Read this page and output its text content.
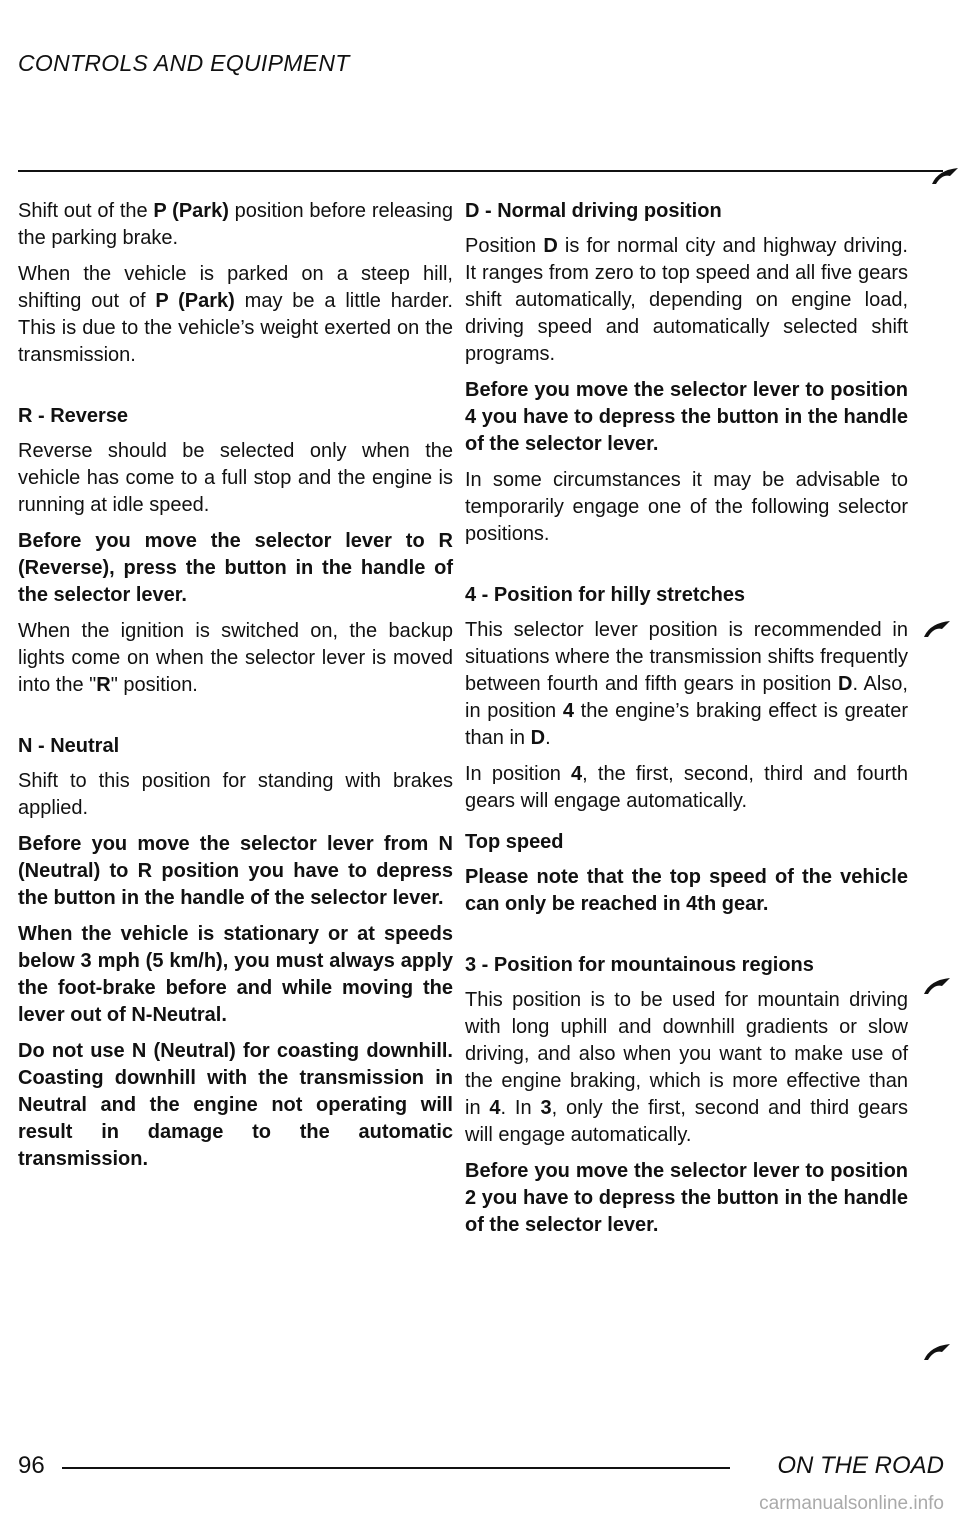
CONTROLS AND EQUIPMENT

Shift out of the P (Park) position before releasing the parking brake.

When the vehicle is parked on a steep hill, shifting out of P (Park) may be a little harder. This is due to the vehicle’s weight exerted on the transmission.

R - Reverse

Reverse should be selected only when the vehicle has come to a full stop and the engine is running at idle speed.

Before you move the selector lever to R (Reverse), press the button in the handle of the selector lever.

When the ignition is switched on, the backup lights come on when the selector lever is moved into the "R" position.

N - Neutral

Shift to this position for standing with brakes applied.

Before you move the selector lever from N (Neutral) to R position you have to depress the button in the handle of the selector lever.

When the vehicle is stationary or at speeds below 3 mph (5 km/h), you must always apply the foot-brake before and while moving the lever out of N-Neutral.

Do not use N (Neutral) for coasting downhill. Coasting downhill with the transmission in Neutral and the engine not operating will result in damage to the automatic transmission.

D - Normal driving position

Position D is for normal city and highway driving. It ranges from zero to top speed and all five gears shift automatically, depending on engine load, driving speed and automatically selected shift programs.

Before you move the selector lever to position 4 you have to depress the button in the handle of the selector lever.

In some circumstances it may be advisable to temporarily engage one of the following selector positions.

4 - Position for hilly stretches

This selector lever position is recommended in situations where the transmission shifts frequently between fourth and fifth gears in position D. Also, in position 4 the engine’s braking effect is greater than in D.

In position 4, the first, second, third and fourth gears will engage automatically.

Top speed

Please note that the top speed of the vehicle can only be reached in 4th gear.

3 - Position for mountainous regions

This position is to be used for mountain driving with long uphill and downhill gradients or slow driving, and also when you want to make use of the engine braking, which is more effective than in 4. In 3, only the first, second and third gears will engage automatically.

Before you move the selector lever to position 2 you have to depress the button in the handle of the selector lever.

96	ON THE ROAD
carmanualsonline.info
